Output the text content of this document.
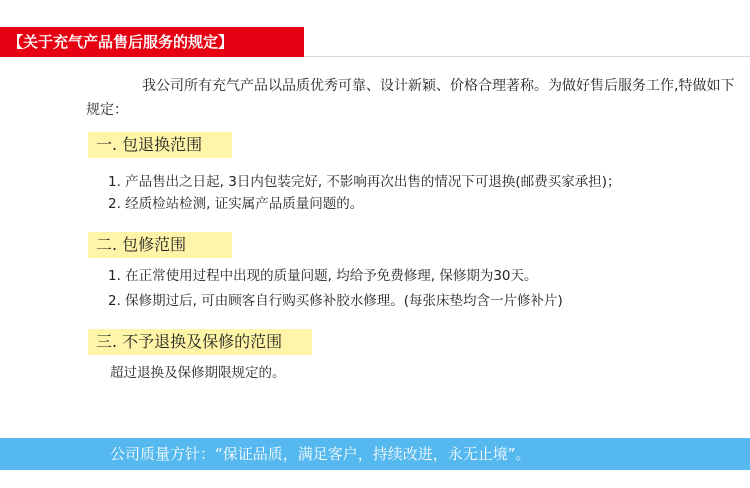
【关于充气产品售后服务的规定】

我公司所有充气产品以品质优秀可靠、设计新颖、价格合理著称。为做好售后服务工作,特做如下规定：

一. 包退换范围

1. 产品售出之日起, 3日内包装完好, 不影响再次出售的情况下可退换(邮费买家承担)；

2. 经质检站检测, 证实属产品质量问题的。

二. 包修范围

1. 在正常使用过程中出现的质量问题, 均给予免费修理, 保修期为30天。

2. 保修期过后, 可由顾客自行购买修补胶水修理。(每张床垫均含一片修补片)

三. 不予退换及保修的范围

超过退换及保修期限规定的。

公司质量方针：“保证品质，满足客户，持续改进，永无止境”。
